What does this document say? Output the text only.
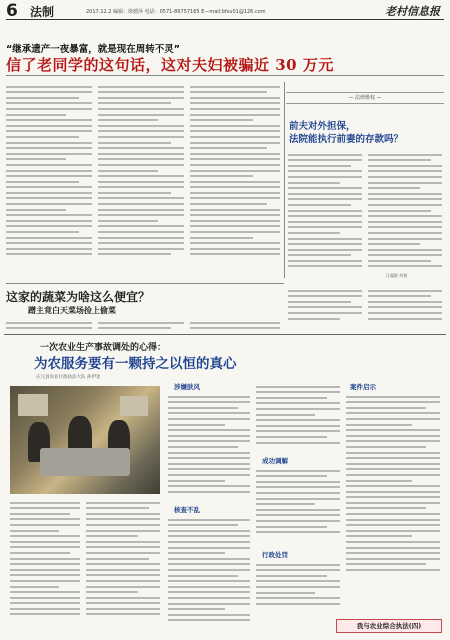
6 法制	2017.12.2 编辑：徐德萍 电话：0571-86757165 E—mail:bfsu01@126.com	老村信息报
“继承遗产一夜暴富，就是现在周转不灵”
信了老同学的这句话，这对夫妇被骗近 30 万元
— 法律维权 —
前夫对外担保，
法院能执行前妻的存款吗？
汪超群 何翔
这家的蔬菜为啥这么便宜？
蹭主竟白天菜场捡上偷菜
一次农业生产事故调处的心得：
为农服务要有一颗持之以恒的真心
庆元县农业行政执法大队 孙伊金
涉嫌肤风
核查不乱
成功调解
行政处罚
案件启示
我与农业综合执法(四)
